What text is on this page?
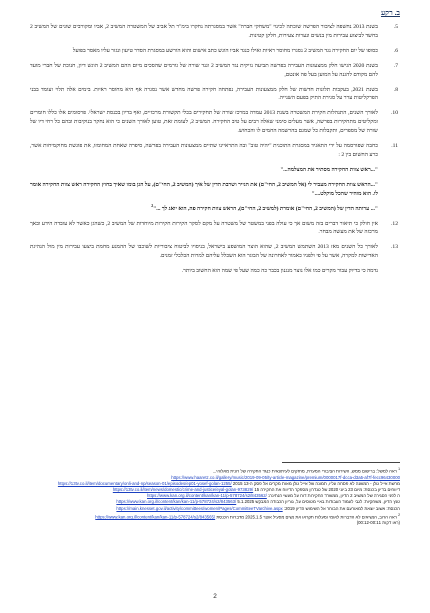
ב. רקע
5.
בשנת 2013 נחשפה לציבור הפרשה שזכתה לכינוי "משחקי חברה" אשר במסגרתה נחקרו בימ"ר תל אביב של המשטרה המשיב 2, אביו ומקורבים שונים של המשיב 2 בחשד לביצוע עבירות מין בנשים ונערות צעירות, חלקן קטינות.
6.
כסופו של יום החקירה נגד המשיב 2 נסגרו מחוסר ראיות ואילו כנגד אביו הוגש כתב אישום והוא הורשע במסגרת הסדר טיעון ונגזר עליו מאסר בפועל
7.
בשנת 2020 הגישו חלק ממצעונות העבירה בפרשה תביעה נזיקית נגד המשיב 2 וגנד שורה של גורמים שהסכים מיום ההם המשיב 2 הוגש דיון, חנוכת של חברי מועד להם מקודם להגנה על המוען בעל פה אונטם,
8.
בשנת 2021, בעקבות תלונות חדשות של חלק ממצעונות העבירה, נפתחה חקירה פרשה מחדש אשר נסגרה אף היא מחוסר ראיות. בימים אלה תלוי ועומד בבני הפרקליטות ערר על סגירת התיק בפעם השנייה.
10.
לאורך השנים, התנהלות חקירת המשטרה בשנת 2013 עמדה במרכז שורה של תחקירים בכלי תקשורת מרכזיים, ואף בדיון בכנסת ישראל¹. פרסומים אלו כללו חומרים ומקליטים מתחקירות בפרשה, אשר מעלים סימני שאלה רבים על טיב החקירה. המשיב 2, לעומת זאת, טוען לאורך השנים כי הוא נחקר בנוקיבות ובהם כל רחי דיו של שורה של מספרים, ותקבלות כל שמגם בהרשמה החמים לו והכחוש.
11.
כחבה שפורסמה על ידי התאגיד במסגרת התוכנית "יהיה טוב" ובה התראיינו שתיים ממצעונות העבירה בפרשה, סיפרה שאחת המחומזו, את פוגשת מחוקמיחות אשר, כרע החשום בין 2 :
"...ראש צוות החקירה מסתיר את המצלמה..."
"...הראש צוות החקירה מעביר לי (אל המשיב 2, החי"ם) את הגייר ושרבת הדין של איך (המשיב 2, החי"ם), על הגן בומו שאיך בחוץ החקירה ראש צוות החקירה אומר לו. הוא מוהיר שהכל מוקלט...."
"... ערותה הדין של (המשיב 2, החי"ם) אומרת (למשיב 2, החי"ם), הראש צוות חקירה פה, הוא יואג לך ..."$^2$
12.
אין חולק כי תיאור דברים בזה משום אך כי עולה בפני במשטר של משטרה על מקם לסקר הקירות חקירות מיוחדות של המשיב 2, כשהגן כאשר לא עובדה הידע ובאך מרכזה של את מעשה מבחר.
13.
לאורך כל השנים מאז 2013 השתמש המשיב 2, שהוא הוצר המושפע בישראל, בניסויו לביטוח ציבוריות לשוכבו של ההמנע מחמת ביצעו עבירות מין מול הנהיגת האדישות למקרה, אשר על פי ולפניו כאמור לאחרונה של הבוגר הוא השכלל עליהם למרות הכלכלי זמנים.
נדמה כי בדיוק עבור מקרים כמו אלו נוצר מנגנון בכבר כה כמה שעל פי שמה הוא החשוב ביותר.
$^1$ ראה למשל: ברישום ממש, השירות הציבורי המערת, מחזקים לעיתונאית כנגד החקירה של רונית מאלוהי...
https://www.haaretz.co.il/gallery/music/2019-09-05/ty-article-magazine/premium/0000017f-dcca-d3a5-af7f-fecc96430000
מרשת אייל גולן - המשנה לא פסחה עליו, תמונה של אייל גולן מאות מקרים אל פסק ה-13 2015 https://13tv.co.il/item/documentary/onli-and-np/season-01/episodes/ep01-yosef-golan-1255/
דיווחים בדיון בכנסת: מיום 23 ביוני 2020 של טנדרון מספקר הדיווח את החקירה 15 https://13tv.co.il/item/news/domestic/crime-and-justice/eyal-golan-973829/
ה לפני הסגירה של המשיב 2 הדיון, ממשרד החקירות דוח על מעשי הנתינה: https://www.kan.org.il/content/kan/kan-11/p-578724/s2/843562/
טנץ הדיון, משחקיות: לגבי לעמוד העבודות באיי מטוסים על, גוריון הכבודה המבקש 5.1.2025 https://www.kan.org.il/content/kan/kan-11/p-578724/s2/843563/
הכנסת: אשוב יוצאת למאורעם את הבוחר אל השימוש הדיון 2019: https://main.knesset.gov.il/activity/committees/women/Pages/CommitteeTVarchive.aspx
$^2$ ראה הרוב, הנשיאים לא הדברות לאומי ומעלות תקראו את נשים מפעיל אוצר 2025.1.5 מדברות הכנסת https://www.kan.org.il/content/kan/kan-11/p-578724/s2/843565/
(ראו דקות 00:12-00:11)
2
